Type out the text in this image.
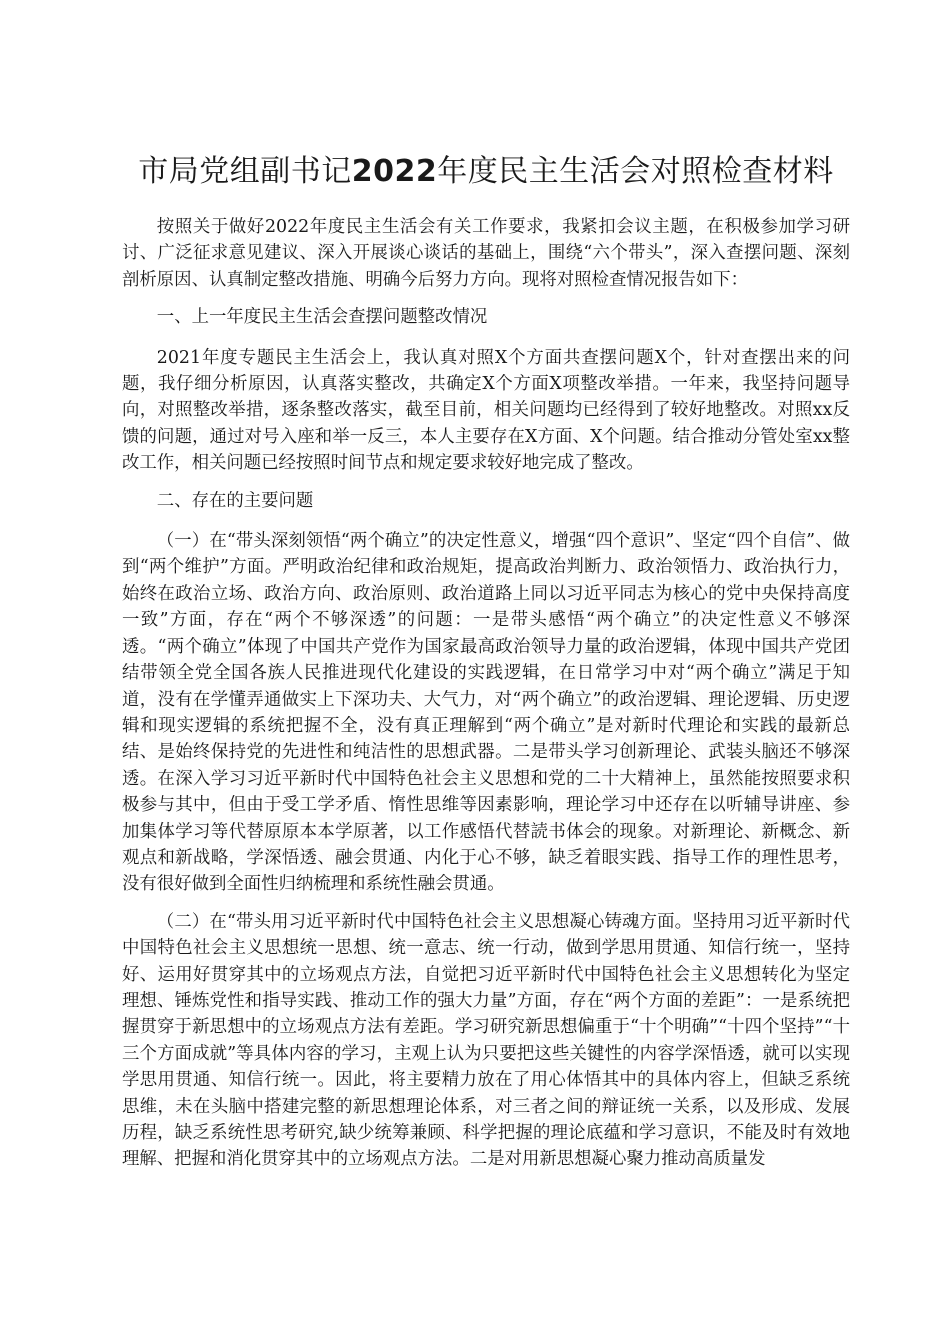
市局党组副书记2022年度民主生活会对照检查材料

按照关于做好2022年度民主生活会有关工作要求，我紧扣会议主题，在积极参加学习研讨、广泛征求意见建议、深入开展谈心谈话的基础上，围绕“六个带头”，深入查摆问题、深刻剖析原因、认真制定整改措施、明确今后努力方向。现将对照检查情况报告如下：

一、上一年度民主生活会查摆问题整改情况

2021年度专题民主生活会上，我认真对照X个方面共查摆问题X个，针对查摆出来的问题，我仔细分析原因，认真落实整改，共确定X个方面X项整改举措。一年来，我坚持问题导向，对照整改举措，逐条整改落实，截至目前，相关问题均已经得到了较好地整改。对照xx反馈的问题，通过对号入座和举一反三，本人主要存在X方面、X个问题。结合推动分管处室xx整改工作，相关问题已经按照时间节点和规定要求较好地完成了整改。

二、存在的主要问题

（一）在“带头深刻领悟“两个确立”的决定性意义，增强“四个意识”、坚定“四个自信”、做到“两个维护”方面。严明政治纪律和政治规矩，提高政治判断力、政治领悟力、政治执行力，始终在政治立场、政治方向、政治原则、政治道路上同以习近平同志为核心的党中央保持高度一致”方面，存在“两个不够深透”的问题：一是带头感悟“两个确立”的决定性意义不够深透。“两个确立”体现了中国共产党作为国家最高政治领导力量的政治逻辑，体现中国共产党团结带领全党全国各族人民推进现代化建设的实践逻辑，在日常学习中对“两个确立”满足于知道，没有在学懂弄通做实上下深功夫、大气力，对“两个确立”的政治逻辑、理论逻辑、历史逻辑和现实逻辑的系统把握不全，没有真正理解到“两个确立”是对新时代理论和实践的最新总结、是始终保持党的先进性和纯洁性的思想武器。二是带头学习创新理论、武装头脑还不够深透。在深入学习习近平新时代中国特色社会主义思想和党的二十大精神上，虽然能按照要求积极参与其中，但由于受工学矛盾、惰性思维等因素影响，理论学习中还存在以听辅导讲座、参加集体学习等代替原原本本学原著，以工作感悟代替読书体会的现象。对新理论、新概念、新观点和新战略，学深悟透、融会贯通、内化于心不够，缺乏着眼实践、指导工作的理性思考，没有很好做到全面性归纳梳理和系统性融会贯通。

（二）在“带头用习近平新时代中国特色社会主义思想凝心铸魂方面。坚持用习近平新时代中国特色社会主义思想统一思想、统一意志、统一行动，做到学思用贯通、知信行统一，坚持好、运用好贯穿其中的立场观点方法，自觉把习近平新时代中国特色社会主义思想转化为坚定理想、锤炼党性和指导实践、推动工作的强大力量”方面，存在“两个方面的差距”：一是系统把握贯穿于新思想中的立场观点方法有差距。学习研究新思想偏重于“十个明确”“十四个坚持”“十三个方面成就”等具体内容的学习，主观上认为只要把这些关键性的内容学深悟透，就可以实现学思用贯通、知信行统一。因此，将主要精力放在了用心体悟其中的具体内容上，但缺乏系统思维，未在头脑中搭建完整的新思想理论体系，对三者之间的辩证统一关系，以及形成、发展历程，缺乏系统性思考研究,缺少统筹兼顾、科学把握的理论底蕴和学习意识，不能及时有效地理解、把握和消化贯穿其中的立场观点方法。二是对用新思想凝心聚力推动高质量发
